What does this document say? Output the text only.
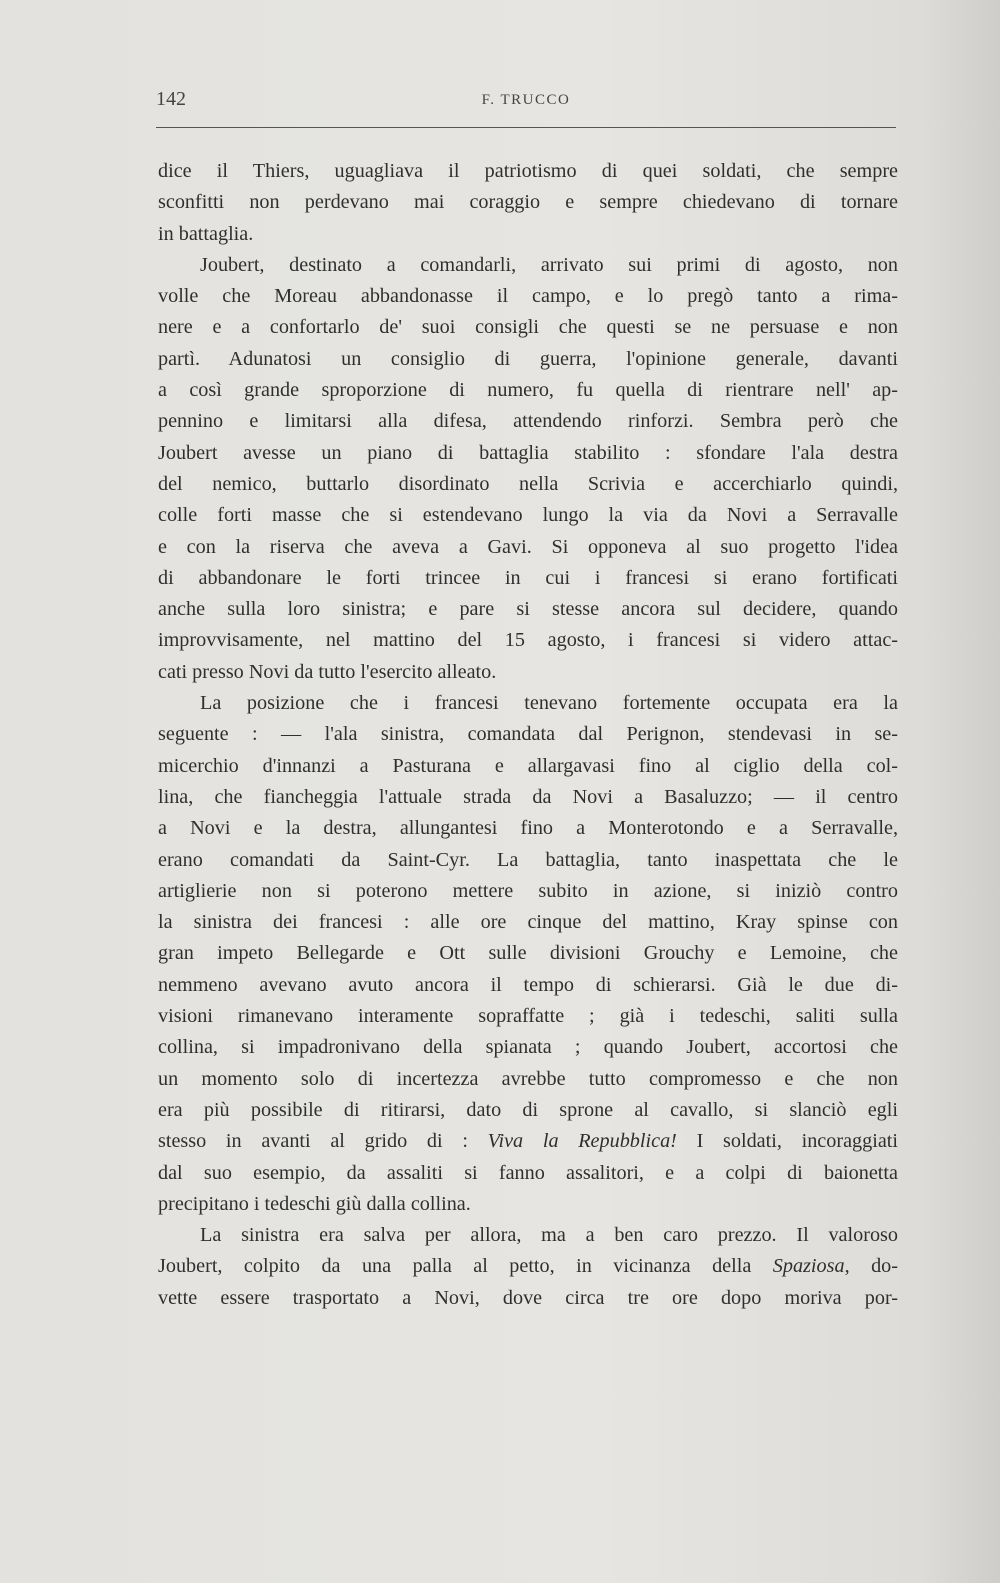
142	F. TRUCCO
dice il Thiers, uguagliava il patriotismo di quei soldati, che sempre
sconfitti non perdevano mai coraggio e sempre chiedevano di tornare
in battaglia.
Joubert, destinato a comandarli, arrivato sui primi di agosto, non
volle che Moreau abbandonasse il campo, e lo pregò tanto a rima-
nere e a confortarlo de' suoi consigli che questi se ne persuase e non
partì. Adunatosi un consiglio di guerra, l'opinione generale, davanti
a così grande sproporzione di numero, fu quella di rientrare nell' ap-
pennino e limitarsi alla difesa, attendendo rinforzi. Sembra però che
Joubert avesse un piano di battaglia stabilito : sfondare l'ala destra
del nemico, buttarlo disordinato nella Scrivia e accerchiarlo quindi,
colle forti masse che si estendevano lungo la via da Novi a Serravalle
e con la riserva che aveva a Gavi. Si opponeva al suo progetto l'idea
di abbandonare le forti trincee in cui i francesi si erano fortificati
anche sulla loro sinistra; e pare si stesse ancora sul decidere, quando
improvvisamente, nel mattino del 15 agosto, i francesi si videro attac-
cati presso Novi da tutto l'esercito alleato.
La posizione che i francesi tenevano fortemente occupata era la
seguente : — l'ala sinistra, comandata dal Perignon, stendevasi in se-
micerchio d'innanzi a Pasturana e allargavasi fino al ciglio della col-
lina, che fiancheggia l'attuale strada da Novi a Basaluzzo; — il centro
a Novi e la destra, allungantesi fino a Monterotondo e a Serravalle,
erano comandati da Saint-Cyr. La battaglia, tanto inaspettata che le
artiglierie non si poterono mettere subito in azione, si iniziò contro
la sinistra dei francesi : alle ore cinque del mattino, Kray spinse con
gran impeto Bellegarde e Ott sulle divisioni Grouchy e Lemoine, che
nemmeno avevano avuto ancora il tempo di schierarsi. Già le due di-
visioni rimanevano interamente sopraffatte ; già i tedeschi, saliti sulla
collina, si impadronivano della spianata ; quando Joubert, accortosi che
un momento solo di incertezza avrebbe tutto compromesso e che non
era più possibile di ritirarsi, dato di sprone al cavallo, si slanciò egli
stesso in avanti al grido di : Viva la Repubblica! I soldati, incoraggiati
dal suo esempio, da assaliti si fanno assalitori, e a colpi di baionetta
precipitano i tedeschi giù dalla collina.
La sinistra era salva per allora, ma a ben caro prezzo. Il valoroso
Joubert, colpito da una palla al petto, in vicinanza della Spaziosa, do-
vette essere trasportato a Novi, dove circa tre ore dopo moriva por-
